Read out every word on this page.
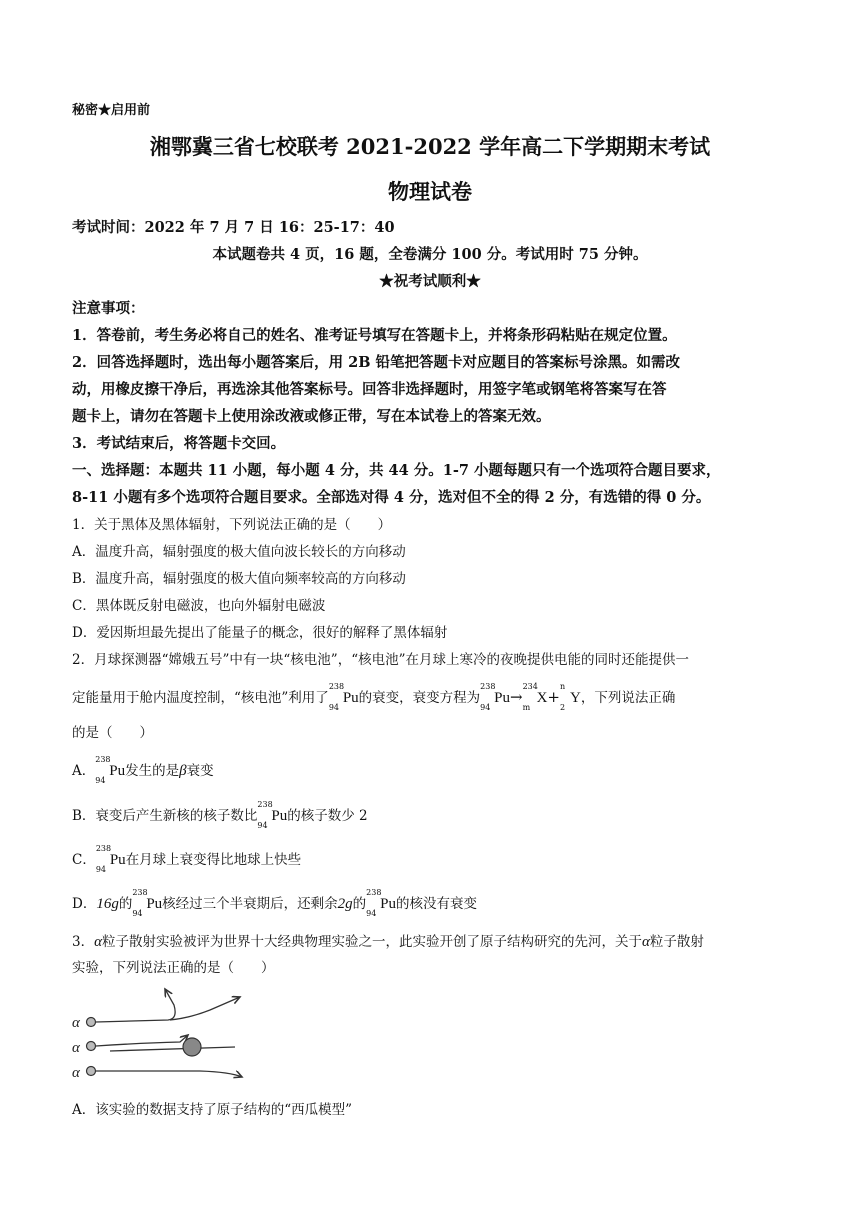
秘密★启用前
湘鄂冀三省七校联考 2021-2022 学年高二下学期期末考试
物理试卷
考试时间：2022 年 7 月 7 日 16：25-17：40
本试题卷共 4 页，16 题，全卷满分 100 分。考试用时 75 分钟。
★祝考试顺利★
注意事项：
1．答卷前，考生务必将自己的姓名、准考证号填写在答题卡上，并将条形码粘贴在规定位置。
2．回答选择题时，选出每小题答案后，用 2B 铅笔把答题卡对应题目的答案标号涂黑。如需改
动，用橡皮擦干净后，再选涂其他答案标号。回答非选择题时，用签字笔或钢笔将答案写在答
题卡上，请勿在答题卡上使用涂改液或修正带，写在本试卷上的答案无效。
3．考试结束后，将答题卡交回。
一、选择题：本题共 11 小题，每小题 4 分，共 44 分。1-7 小题每题只有一个选项符合题目要求，
8-11 小题有多个选项符合题目要求。全部选对得 4 分，选对但不全的得 2 分，有选错的得 0 分。
1．关于黑体及黑体辐射，下列说法正确的是（　　）
A．温度升高，辐射强度的极大值向波长较长的方向移动
B．温度升高，辐射强度的极大值向频率较高的方向移动
C．黑体既反射电磁波，也向外辐射电磁波
D．爱因斯坦最先提出了能量子的概念，很好的解释了黑体辐射
2．月球探测器“嫦娥五号”中有一块“核电池”，“核电池”在月球上寒冷的夜晚提供电能的同时还能提供一
定能量用于舱内温度控制，“核电池”利用了
238
94
Pu的衰变，衰变方程为
238
94
Pu→
234
m
X+
n
2
Y，下列说法正确
的是（　　）
A．
238
94
Pu发生的是β衰变
B．衰变后产生新核的核子数比
238
94
Pu的核子数少 2
C．
238
94
Pu在月球上衰变得比地球上快些
D．16g的
238
94
Pu核经过三个半衰期后，还剩余2g的
238
94
Pu的核没有衰变
3．α粒子散射实验被评为世界十大经典物理实验之一，此实验开创了原子结构研究的先河，关于α粒子散射
实验，下列说法正确的是（　　）
α
α
α
A．该实验的数据支持了原子结构的“西瓜模型”
